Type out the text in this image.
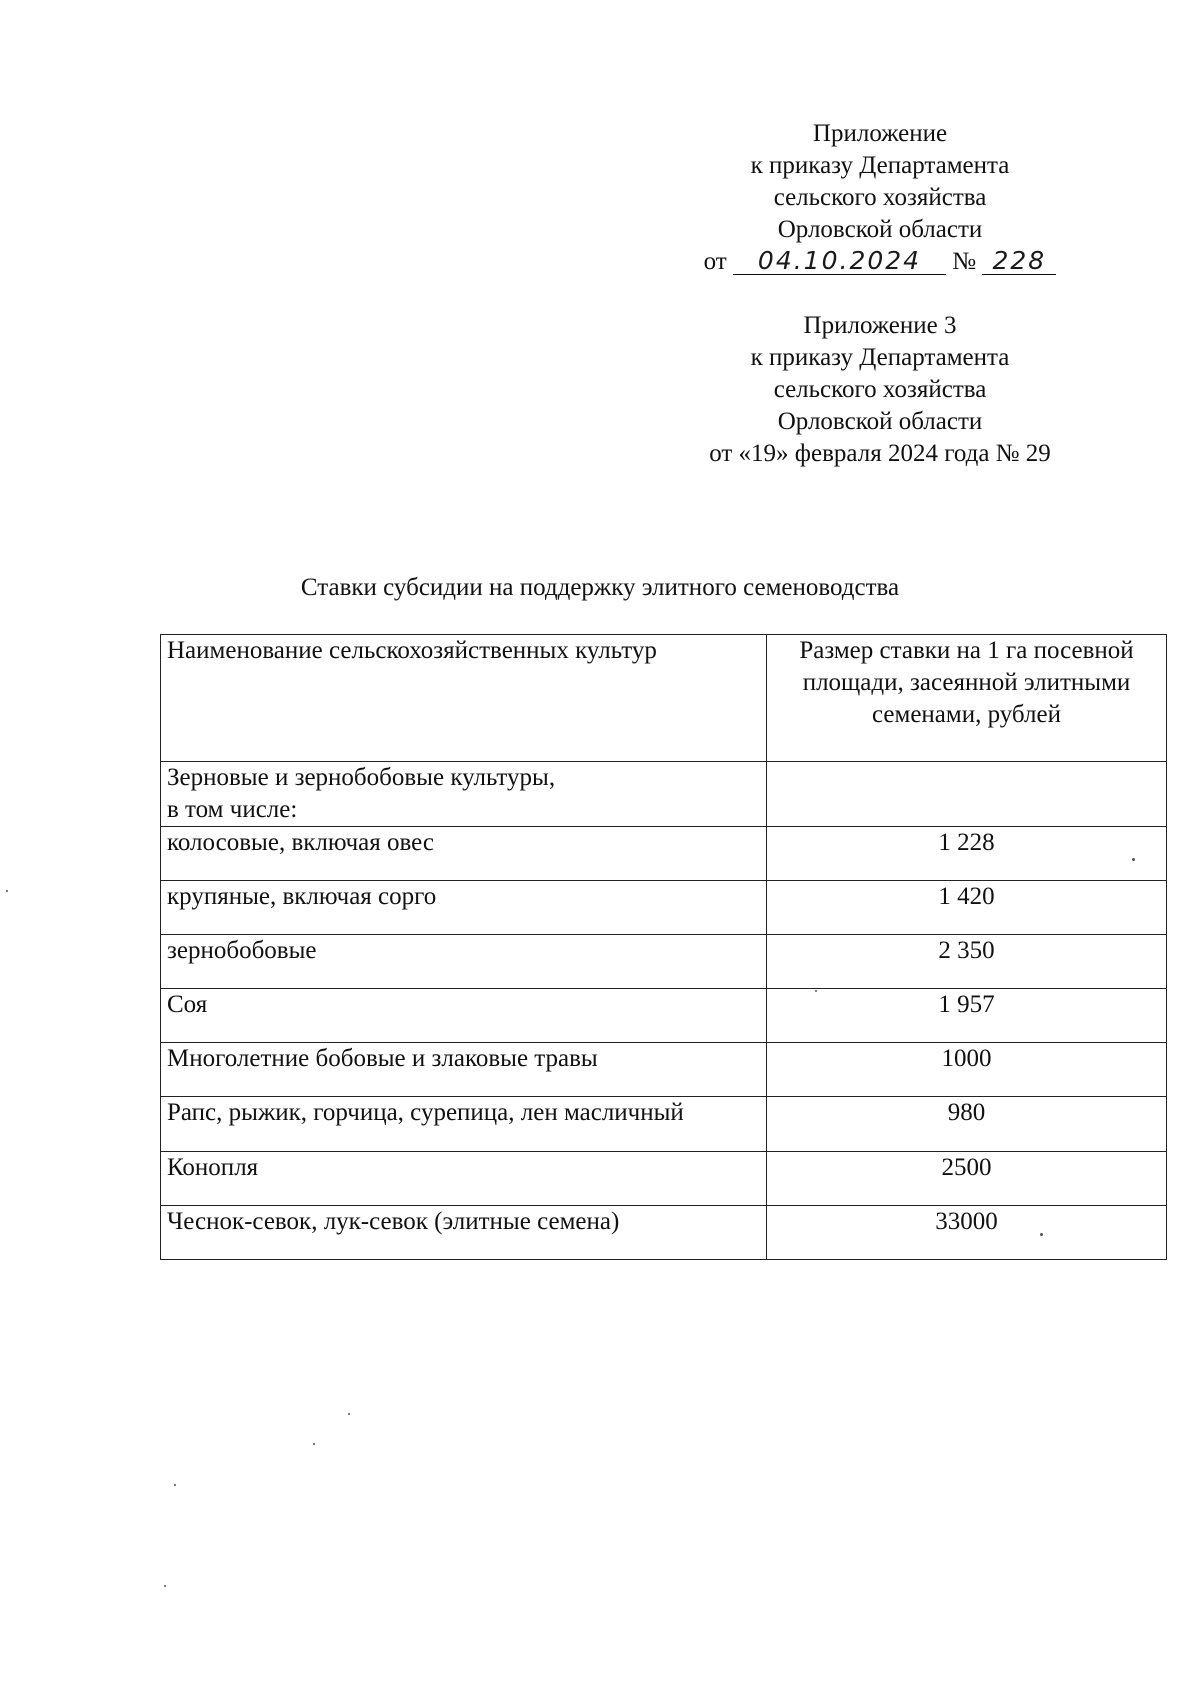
Приложение
к приказу Департамента
сельского хозяйства
Орловской области
от 04.10.2024 № 228
Приложение 3
к приказу Департамента
сельского хозяйства
Орловской области
от «19» февраля 2024 года № 29
Ставки субсидии на поддержку элитного семеноводства
Наименование сельскохозяйственных культур	Размер ставки на 1 га посевной площади, засеянной элитными семенами, рублей

Зерновые и зернобобовые культуры,
в том числе:	

колосовые, включая овес	1 228
крупяные, включая сорго	1 420
зернобобовые	2 350
Соя	1 957
Многолетние бобовые и злаковые травы	1000
Рапс, рыжик, горчица, сурепица, лен масличный	980
Конопля	2500
Чеснок-севок, лук-севок (элитные семена)	33000
